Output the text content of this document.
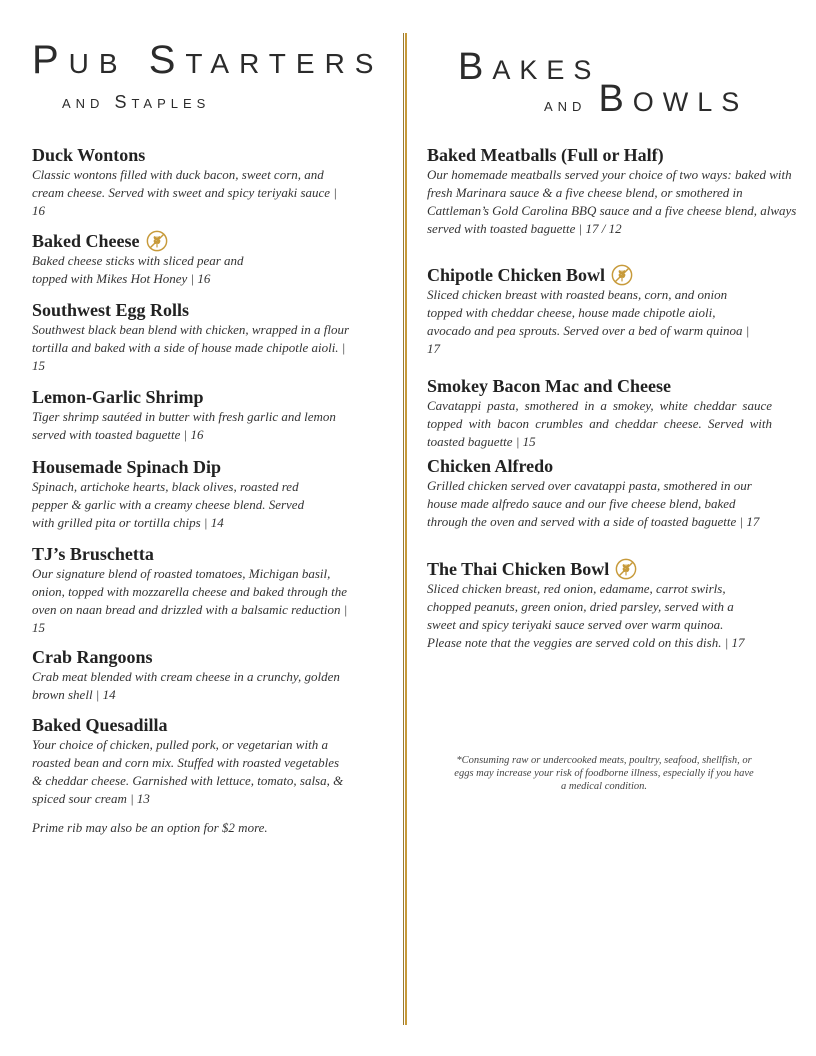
Pub Starters
and Staples
Bakes
and Bowls
Duck Wontons
Classic wontons filled with duck bacon, sweet corn, and cream cheese. Served with sweet and spicy teriyaki sauce | 16
Baked Cheese
Baked cheese sticks with sliced pear and topped with Mikes Hot Honey | 16
Southwest Egg Rolls
Southwest black bean blend with chicken, wrapped in a flour tortilla and baked with a side of house made chipotle aioli. | 15
Lemon-Garlic Shrimp
Tiger shrimp sautéed in butter with fresh garlic and lemon served with toasted baguette | 16
Housemade Spinach Dip
Spinach, artichoke hearts, black olives, roasted red pepper & garlic with a creamy cheese blend. Served with grilled pita or tortilla chips | 14
TJ’s Bruschetta
Our signature blend of roasted tomatoes, Michigan basil, onion, topped with mozzarella cheese and baked through the oven on naan bread and drizzled with a balsamic reduction | 15
Crab Rangoons
Crab meat blended with cream cheese in a crunchy, golden brown shell | 14
Baked Quesadilla
Your choice of chicken, pulled pork, or vegetarian with a roasted bean and corn mix. Stuffed with roasted vegetables & cheddar cheese. Garnished with lettuce, tomato, salsa, & spiced sour cream | 13
Prime rib may also be an option for $2 more.
Baked Meatballs (Full or Half)
Our homemade meatballs served your choice of two ways: baked with fresh Marinara sauce & a five cheese blend, or smothered in Cattleman’s Gold Carolina BBQ sauce and a five cheese blend, always served with toasted baguette | 17 / 12
Chipotle Chicken Bowl
Sliced chicken breast with roasted beans, corn, and onion topped with cheddar cheese, house made chipotle aioli, avocado and pea sprouts. Served over a bed of warm quinoa | 17
Smokey Bacon Mac and Cheese
Cavatappi pasta, smothered in a smokey, white cheddar sauce topped with bacon crumbles and cheddar cheese. Served with toasted baguette | 15
Chicken Alfredo
Grilled chicken served over cavatappi pasta, smothered in our house made alfredo sauce and our five cheese blend, baked through the oven and served with a side of toasted baguette | 17
The Thai Chicken Bowl
Sliced chicken breast, red onion, edamame, carrot swirls, chopped peanuts, green onion, dried parsley, served with a sweet and spicy teriyaki sauce served over warm quinoa. Please note that the veggies are served cold on this dish. | 17
*Consuming raw or undercooked meats, poultry, seafood, shellfish, or eggs may increase your risk of foodborne illness, especially if you have a medical condition.
